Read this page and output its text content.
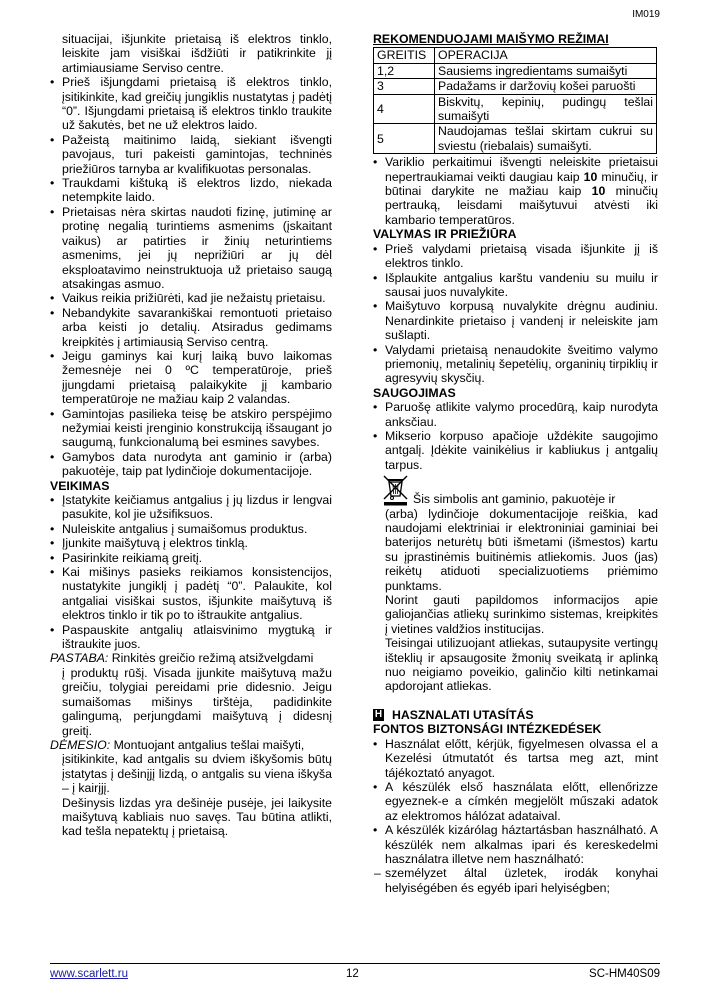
IM019
situacijai, išjunkite prietaisą iš elektros tinklo, leiskite jam visiškai išdžiūti ir patikrinkite jį artimiausiame Serviso centre.
• Prieš išjungdami prietaisą iš elektros tinklo, įsitikinkite, kad greičių jungiklis nustatytas į padėtį “0”. Išjungdami prietaisą iš elektros tinklo traukite už šakutės, bet ne už elektros laido.
• Pažeistą maitinimo laidą, siekiant išvengti pavojaus, turi pakeisti gamintojas, techninės priežiūros tarnyba ar kvalifikuotas personalas.
• Traukdami kištuką iš elektros lizdo, niekada netempkite laido.
• Prietaisas nėra skirtas naudoti fizinę, jutiminę ar protinę negalią turintiems asmenims (įskaitant vaikus) ar patirties ir žinių neturintiems asmenims, jei jų neprižiūri ar jų dėl eksploatavimo neinstruktuoja už prietaiso saugą atsakingas asmuo.
• Vaikus reikia prižiūrėti, kad jie nežaistų prietaisu.
• Nebandykite savarankiškai remontuoti prietaiso arba keisti jo detalių. Atsiradus gedimams kreipkitės į artimiausią Serviso centrą.
• Jeigu gaminys kai kurį laiką buvo laikomas žemesnėje nei 0 ºC temperatūroje, prieš įjungdami prietaisą palaikykite jį kambario temperatūroje ne mažiau kaip 2 valandas.
• Gamintojas pasilieka teisę be atskiro perspėjimo nežymiai keisti įrenginio konstrukciją išsaugant jo saugumą, funkcionalumą bei esmines savybes.
• Gamybos data nurodyta ant gaminio ir (arba) pakuotėje, taip pat lydinčioje dokumentacijoje.
VEIKIMAS
• Įstatykite keičiamus antgalius į jų lizdus ir lengvai pasukite, kol jie užsifiksuos.
• Nuleiskite antgalius į sumaišomus produktus.
• Įjunkite maišytuvą į elektros tinklą.
• Pasirinkite reikiamą greitį.
• Kai mišinys pasieks reikiamos konsistencijos, nustatykite jungiklį į padėtį “0”. Palaukite, kol antgaliai visiškai sustos, išjunkite maišytuvą iš elektros tinklo ir tik po to ištraukite antgalius.
• Paspauskite antgalių atlaisvinimo mygtuką ir ištraukite juos.
PASTABA: Rinkitės greičio režimą atsižvelgdami
į produktų rūšį. Visada įjunkite maišytuvą mažu greičiu, tolygiai pereidami prie didesnio. Jeigu sumaišomas mišinys tirštėja, padidinkite galingumą, perjungdami maišytuvą į didesnį greitį.
DĖMESIO: Montuojant antgalius tešlai maišyti,
įsitikinkite, kad antgalis su dviem iškyšomis būtų įstatytas į dešinįjį lizdą, o antgalis su viena iškyša – į kairįjį.
Dešinysis lizdas yra dešinėje pusėje, jei laikysite maišytuvą kabliais nuo savęs. Tau būtina atlikti, kad tešla nepatektų į prietaisą.
REKOMENDUOJAMI MAIŠYMO REŽIMAI
GREITIS	OPERACIJA
1,2	Sausiems ingredientams sumaišyti
3	Padažams ir daržovių košei paruošti
4	Biskvitų, kepinių, pudingų tešlai sumaišyti
5	Naudojamas tešlai skirtam cukrui su sviestu (riebalais) sumaišyti.
• Variklio perkaitimui išvengti neleiskite prietaisui nepertraukiamai veikti daugiau kaip 10 minučių, ir būtinai darykite ne mažiau kaip 10 minučių pertrauką, leisdami maišytuvui atvėsti iki kambario temperatūros.
VALYMAS IR PRIEŽIŪRA
• Prieš valydami prietaisą visada išjunkite jį iš elektros tinklo.
• Išplaukite antgalius karštu vandeniu su muilu ir sausai juos nuvalykite.
• Maišytuvo korpusą nuvalykite drėgnu audiniu. Nenardinkite prietaiso į vandenį ir neleiskite jam sušlapti.
• Valydami prietaisą nenaudokite šveitimo valymo priemonių, metalinių šepetėlių, organinių tirpiklių ir agresyvių skysčių.
SAUGOJIMAS
• Paruošę atlikite valymo procedūrą, kaip nurodyta anksčiau.
• Mikserio korpuso apačioje uždėkite saugojimo antgalį. Įdėkite vainikėlius ir kabliukus į antgalių tarpus.
Šis simbolis ant gaminio, pakuotėje ir
(arba) lydinčioje dokumentacijoje reiškia, kad naudojami elektriniai ir elektroniniai gaminiai bei baterijos neturėtų būti išmetami (išmestos) kartu su įprastinėmis buitinėmis atliekomis. Juos (jas) reikėtų atiduoti specializuotiems priėmimo punktams.
Norint gauti papildomos informacijos apie galiojančias atliekų surinkimo sistemas, kreipkitės į vietines valdžios institucijas.
Teisingai utilizuojant atliekas, sutaupysite vertingų išteklių ir apsaugosite žmonių sveikatą ir aplinką nuo neigiamo poveikio, galinčio kilti netinkamai apdorojant atliekas.
H HASZNALATI UTASÍTÁS
FONTOS BIZTONSÁGI INTÉZKEDÉSEK
• Használat előtt, kérjük, figyelmesen olvassa el a Kezelési útmutatót és tartsa meg azt, mint tájékoztató anyagot.
• A készülék első használata előtt, ellenőrizze egyeznek-e a címkén megjelölt műszaki adatok az elektromos hálózat adataival.
• A készülék kizárólag háztartásban használható. A készülék nem alkalmas ipari és kereskedelmi használatra illetve nem használható:
– személyzet által üzletek, irodák konyhai helyiségében és egyéb ipari helyiségben;
www.scarlett.ru	12	SC-HM40S09
